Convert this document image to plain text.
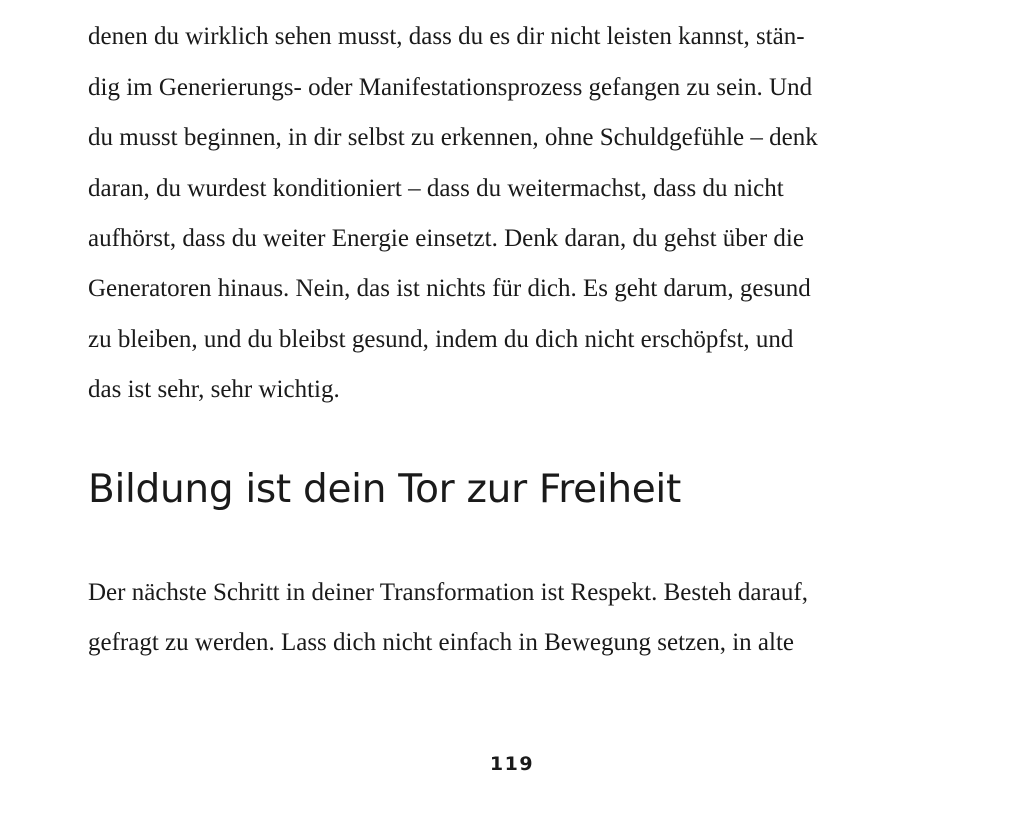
denen du wirklich sehen musst, dass du es dir nicht leisten kannst, stän-
dig im Generierungs- oder Manifestationsprozess gefangen zu sein. Und
du musst beginnen, in dir selbst zu erkennen, ohne Schuldgefühle – denk
daran, du wurdest konditioniert – dass du weitermachst, dass du nicht
aufhörst, dass du weiter Energie einsetzt. Denk daran, du gehst über die
Generatoren hinaus. Nein, das ist nichts für dich. Es geht darum, gesund
zu bleiben, und du bleibst gesund, indem du dich nicht erschöpfst, und
das ist sehr, sehr wichtig.

Bildung ist dein Tor zur Freiheit

Der nächste Schritt in deiner Transformation ist Respekt. Besteh darauf,
gefragt zu werden. Lass dich nicht einfach in Bewegung setzen, in alte

119
